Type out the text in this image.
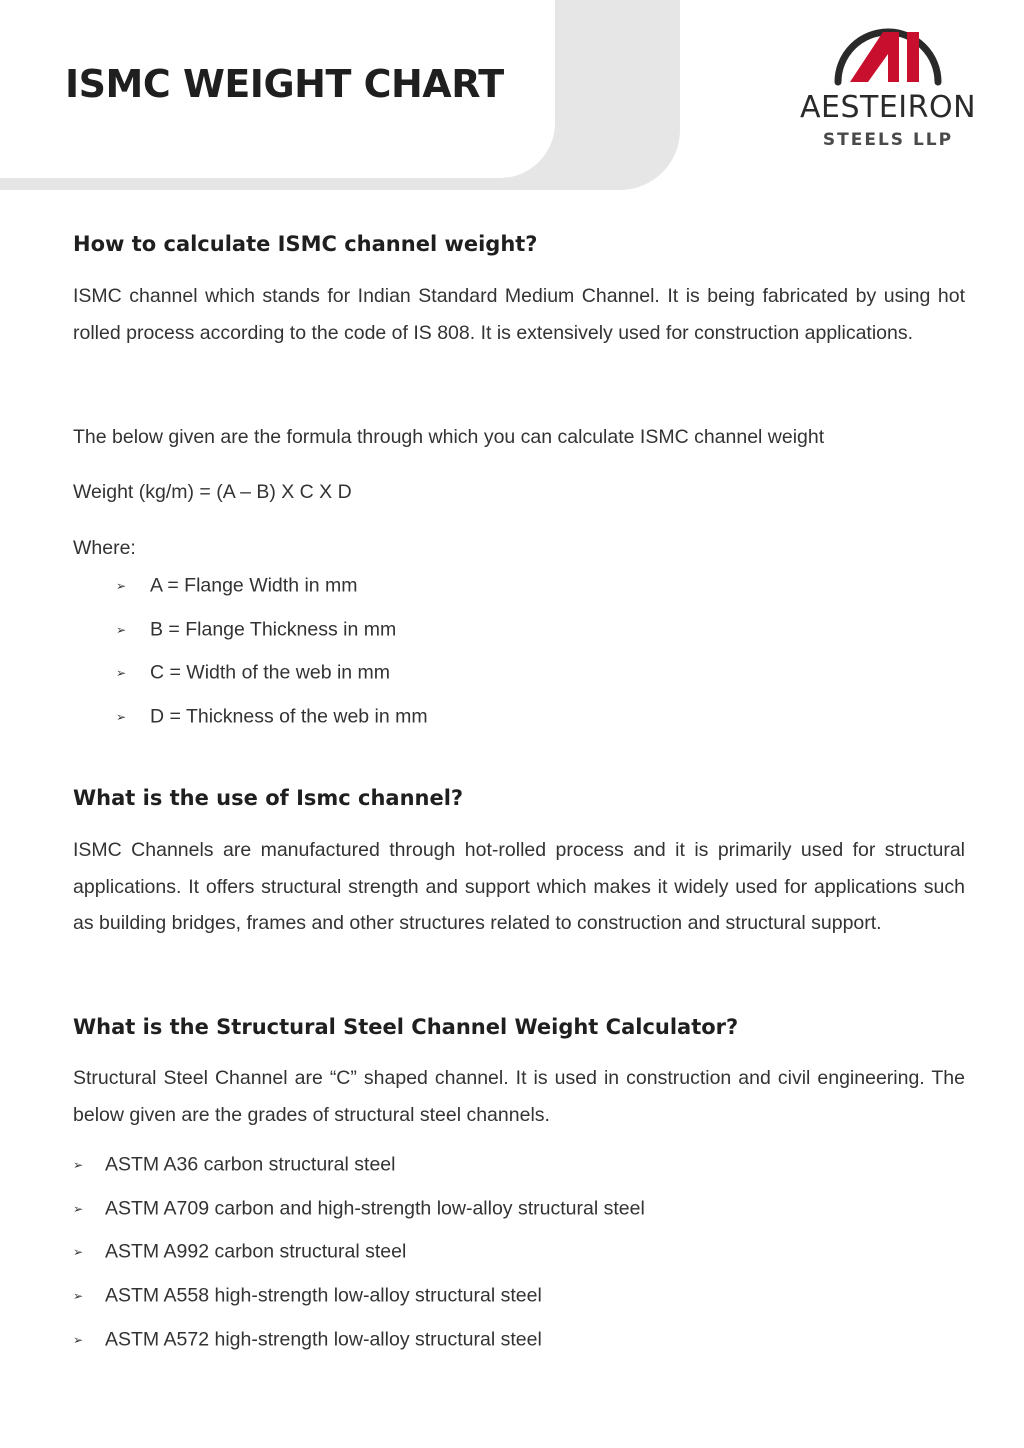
ISMC WEIGHT CHART
AESTEIRON
STEELS LLP
How to calculate ISMC channel weight?

ISMC channel which stands for Indian Standard Medium Channel. It is being fabricated by using hot rolled process according to the code of IS 808. It is extensively used for construction applications.

The below given are the formula through which you can calculate ISMC channel weight

Weight (kg/m) = (A – B) X C X D

Where:

➢ A = Flange Width in mm
➢ B = Flange Thickness in mm
➢ C = Width of the web in mm
➢ D = Thickness of the web in mm
What is the use of Ismc channel?

ISMC Channels are manufactured through hot-rolled process and it is primarily used for structural applications. It offers structural strength and support which makes it widely used for applications such as building bridges, frames and other structures related to construction and structural support.

What is the Structural Steel Channel Weight Calculator?

Structural Steel Channel are “C” shaped channel. It is used in construction and civil engineering. The below given are the grades of structural steel channels.

➢ ASTM A36 carbon structural steel
➢ ASTM A709 carbon and high-strength low-alloy structural steel
➢ ASTM A992 carbon structural steel
➢ ASTM A558 high-strength low-alloy structural steel
➢ ASTM A572 high-strength low-alloy structural steel
